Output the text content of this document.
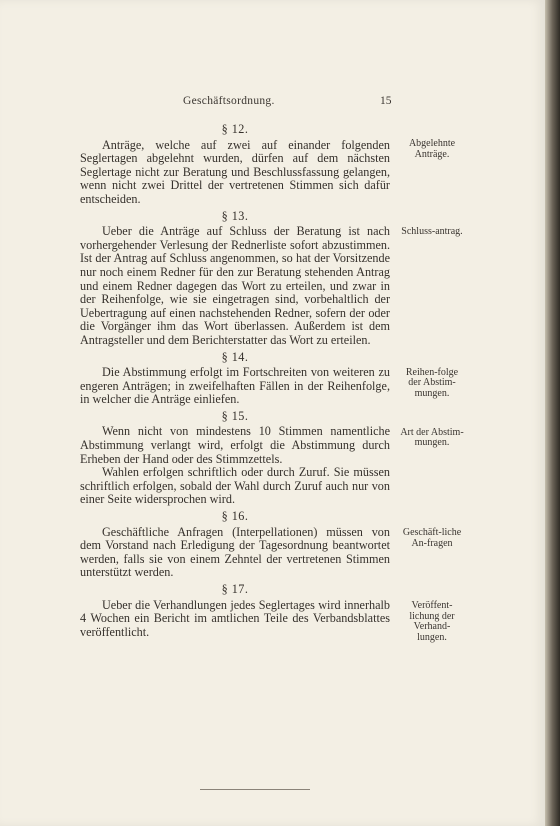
Geschäftsordnung.	15
§ 12.
Abgelehnte Anträge.

Anträge, welche auf zwei auf einander folgenden Seglertagen abgelehnt wurden, dürfen auf dem nächsten Seglertage nicht zur Beratung und Beschlussfassung gelangen, wenn nicht zwei Drittel der vertretenen Stimmen sich dafür entscheiden.

§ 13.
Schluss-antrag.

Ueber die Anträge auf Schluss der Beratung ist nach vorhergehender Verlesung der Rednerliste sofort abzustimmen. Ist der Antrag auf Schluss angenommen, so hat der Vorsitzende nur noch einem Redner für den zur Beratung stehenden Antrag und einem Redner dagegen das Wort zu erteilen, und zwar in der Reihenfolge, wie sie eingetragen sind, vorbehaltlich der Uebertragung auf einen nachstehenden Redner, sofern der oder die Vorgänger ihm das Wort überlassen. Außerdem ist dem Antragsteller und dem Berichterstatter das Wort zu erteilen.

§ 14.
Reihen-folge der Abstim-mungen.

Die Abstimmung erfolgt im Fortschreiten von weiteren zu engeren Anträgen; in zweifelhaften Fällen in der Reihenfolge, in welcher die Anträge einliefen.

§ 15.
Art der Abstim-mungen.

Wenn nicht von mindestens 10 Stimmen namentliche Abstimmung verlangt wird, erfolgt die Abstimmung durch Erheben der Hand oder des Stimmzettels.

Wahlen erfolgen schriftlich oder durch Zuruf. Sie müssen schriftlich erfolgen, sobald der Wahl durch Zuruf auch nur von einer Seite widersprochen wird.

§ 16.
Geschäft-liche An-fragen

Geschäftliche Anfragen (Interpellationen) müssen von dem Vorstand nach Erledigung der Tagesordnung beantwortet werden, falls sie von einem Zehntel der vertretenen Stimmen unterstützt werden.

§ 17.
Veröffent-lichung der Verhand-lungen.

Ueber die Verhandlungen jedes Seglertages wird innerhalb 4 Wochen ein Bericht im amtlichen Teile des Verbandsblattes veröffentlicht.
